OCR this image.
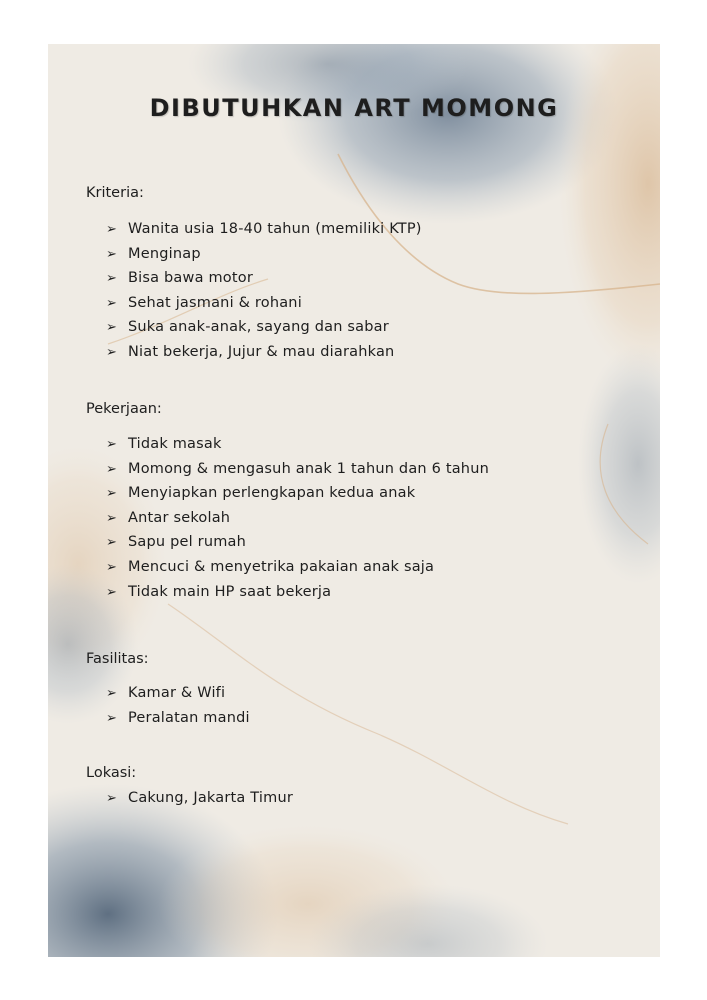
DIBUTUHKAN ART MOMONG
Kriteria:
➢ Wanita usia 18-40 tahun (memiliki KTP)
➢ Menginap
➢ Bisa bawa motor
➢ Sehat jasmani & rohani
➢ Suka anak-anak, sayang dan sabar
➢ Niat bekerja, Jujur & mau diarahkan
Pekerjaan:
➢ Tidak masak
➢ Momong & mengasuh anak 1 tahun dan 6 tahun
➢ Menyiapkan perlengkapan kedua anak
➢ Antar sekolah
➢ Sapu pel rumah
➢ Mencuci & menyetrika pakaian anak saja
➢ Tidak main HP saat bekerja
Fasilitas:
➢ Kamar & Wifi
➢ Peralatan mandi
Lokasi:
➢ Cakung, Jakarta Timur
